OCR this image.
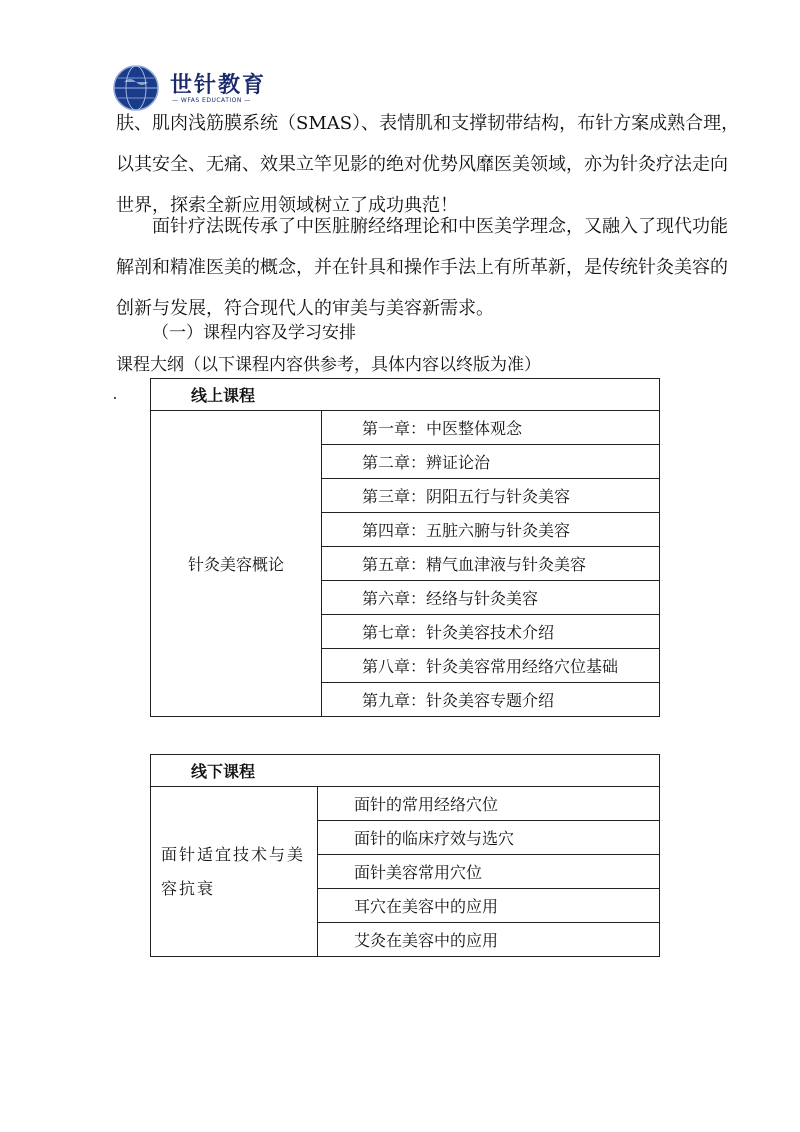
世针教育
— WFAS EDUCATION —

肤、肌肉浅筋膜系统（SMAS）、表情肌和支撑韧带结构，布针方案成熟合理，

以其安全、无痛、效果立竿见影的绝对优势风靡医美领域，亦为针灸疗法走向

世界，探索全新应用领域树立了成功典范！

面针疗法既传承了中医脏腑经络理论和中医美学理念，又融入了现代功能

解剖和精准医美的概念，并在针具和操作手法上有所革新，是传统针灸美容的

创新与发展，符合现代人的审美与美容新需求。

（一）课程内容及学习安排
课程大纲（以下课程内容供参考，具体内容以终版为准）
线上课程
针灸美容概论	第一章：中医整体观念
第二章：辨证论治
第三章：阴阳五行与针灸美容
第四章：五脏六腑与针灸美容
第五章：精气血津液与针灸美容
第六章：经络与针灸美容
第七章：针灸美容技术介绍
第八章：针灸美容常用经络穴位基础
第九章：针灸美容专题介绍
线下课程
面针适宜技术与美容抗衰	面针的常用经络穴位
面针的临床疗效与选穴
面针美容常用穴位
耳穴在美容中的应用
艾灸在美容中的应用
